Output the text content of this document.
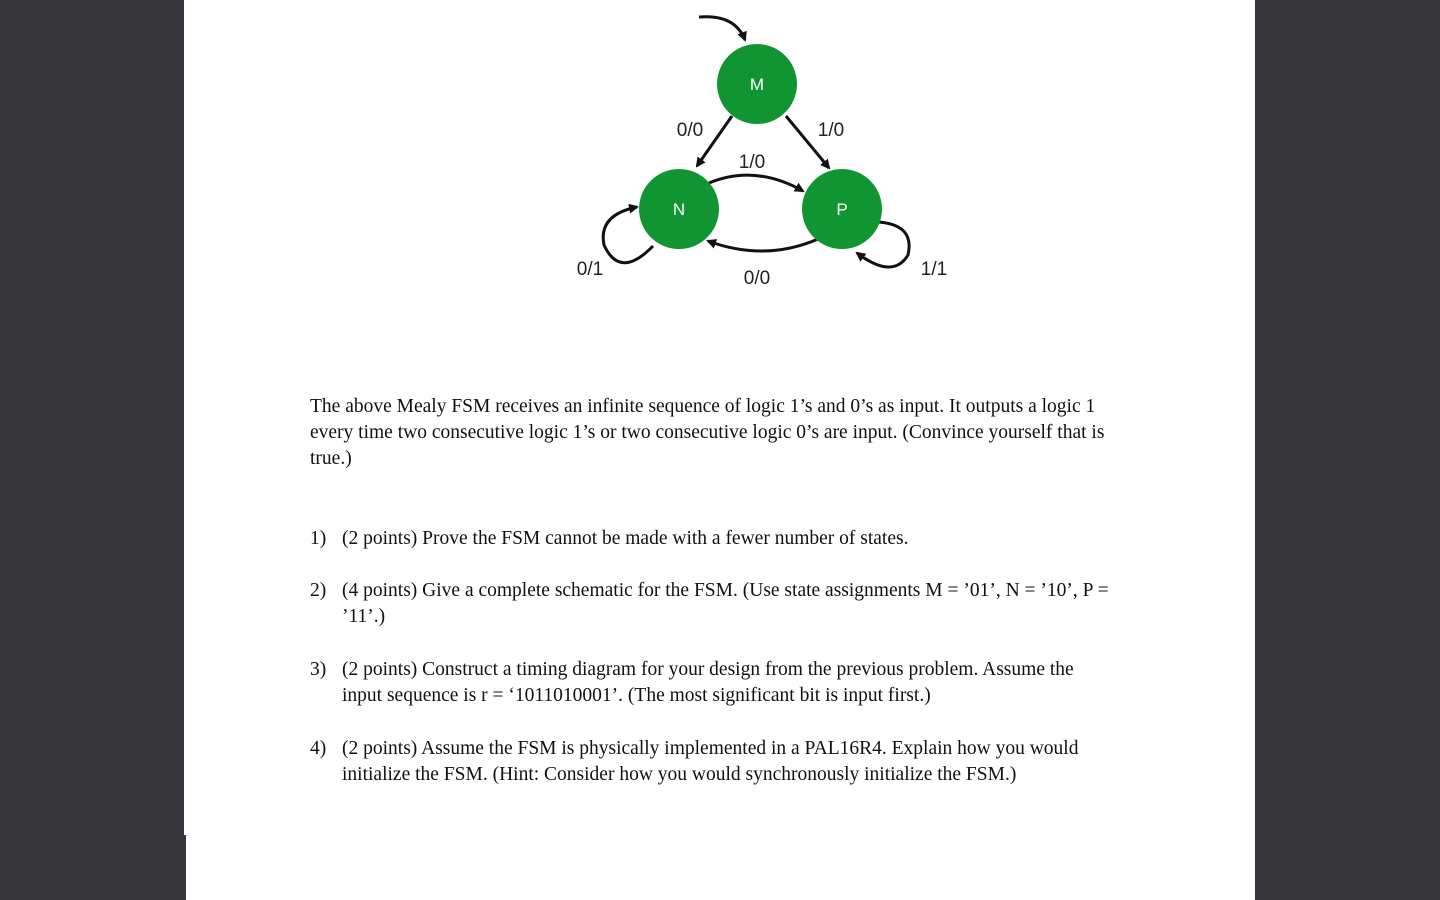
M
N	P
0/0	1/0
1/0
0/0
0/1	1/1
The above Mealy FSM receives an infinite sequence of logic 1’s and 0’s as input. It outputs a logic 1 every time two consecutive logic 1’s or two consecutive logic 0’s are input. (Convince yourself that is true.)
1) (2 points) Prove the FSM cannot be made with a fewer number of states.
2) (4 points) Give a complete schematic for the FSM. (Use state assignments M = ’01’, N = ’10’, P = ’11’.)
3) (2 points) Construct a timing diagram for your design from the previous problem. Assume the input sequence is r = ‘1011010001’. (The most significant bit is input first.)
4) (2 points) Assume the FSM is physically implemented in a PAL16R4. Explain how you would initialize the FSM. (Hint: Consider how you would synchronously initialize the FSM.)
